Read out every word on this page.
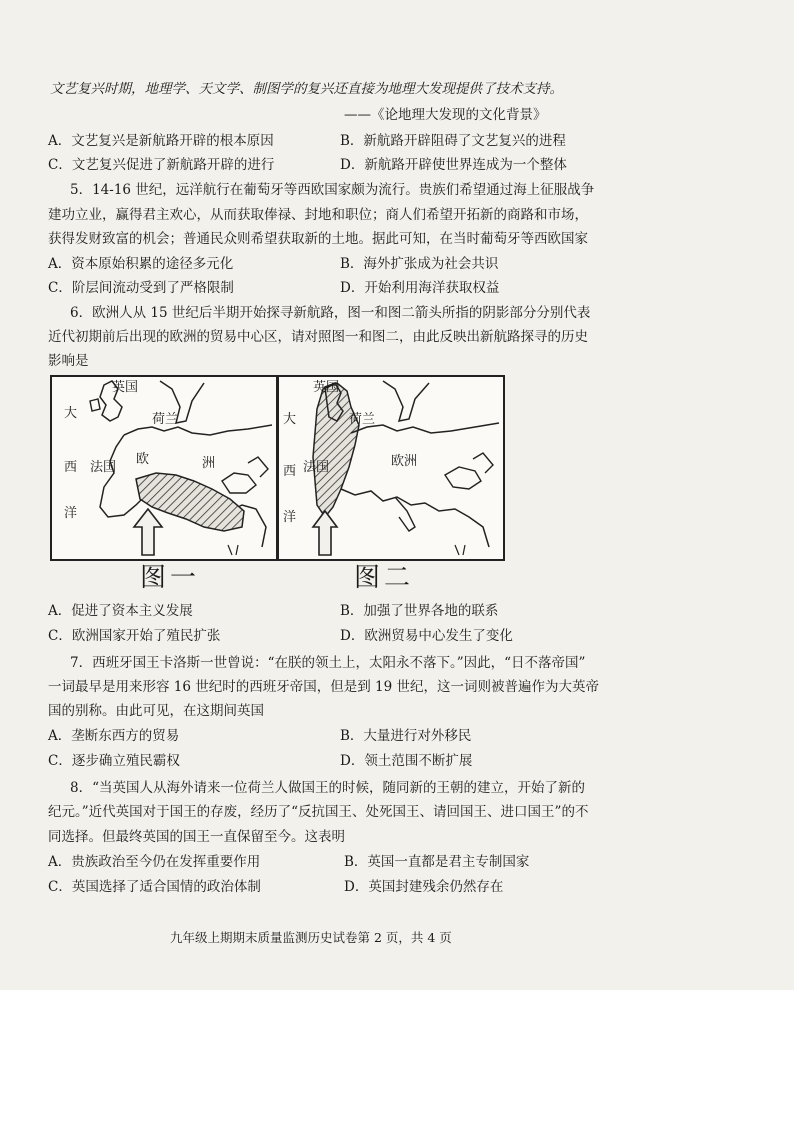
文艺复兴时期，地理学、天文学、制图学的复兴还直接为地理大发现提供了技术支持。
——《论地理大发现的文化背景》
A．文艺复兴是新航路开辟的根本原因	B．新航路开辟阻碍了文艺复兴的进程
C．文艺复兴促进了新航路开辟的进行	D．新航路开辟使世界连成为一个整体
5．14-16 世纪，远洋航行在葡萄牙等西欧国家颇为流行。贵族们希望通过海上征服战争
建功立业，赢得君主欢心，从而获取俸禄、封地和职位；商人们希望开拓新的商路和市场，
获得发财致富的机会；普通民众则希望获取新的土地。据此可知，在当时葡萄牙等西欧国家
A．资本原始积累的途径多元化	B．海外扩张成为社会共识
C．阶层间流动受到了严格限制	D．开始利用海洋获取权益
6．欧洲人从 15 世纪后半期开始探寻新航路，图一和图二箭头所指的阴影部分分别代表
近代初期前后出现的欧洲的贸易中心区，请对照图一和图二，由此反映出新航路探寻的历史
影响是
英国
荷兰
大
西
洋
法国
欧	洲
英国
荷兰
大
西
洋
法国	欧洲
图一	图二
A．促进了资本主义发展	B．加强了世界各地的联系
C．欧洲国家开始了殖民扩张	D．欧洲贸易中心发生了变化
7．西班牙国王卡洛斯一世曾说：“在朕的领土上，太阳永不落下。”因此，“日不落帝国”
一词最早是用来形容 16 世纪时的西班牙帝国，但是到 19 世纪，这一词则被普遍作为大英帝
国的别称。由此可见，在这期间英国
A．垄断东西方的贸易	B．大量进行对外移民
C．逐步确立殖民霸权	D．领土范围不断扩展
8．“当英国人从海外请来一位荷兰人做国王的时候，随同新的王朝的建立，开始了新的
纪元。”近代英国对于国王的存废，经历了“反抗国王、处死国王、请回国王、进口国王”的不
同选择。但最终英国的国王一直保留至今。这表明
A．贵族政治至今仍在发挥重要作用	B．英国一直都是君主专制国家
C．英国选择了适合国情的政治体制	D．英国封建残余仍然存在
九年级上期期末质量监测历史试卷第 2 页，共 4 页
